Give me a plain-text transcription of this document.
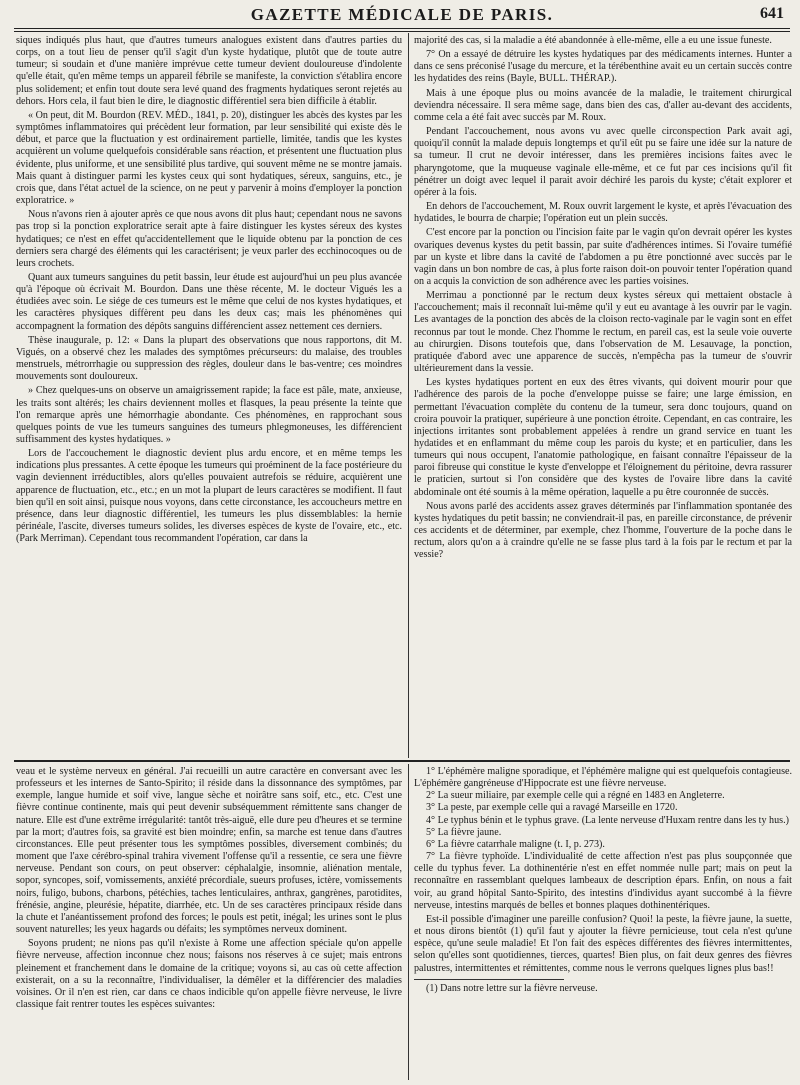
GAZETTE MÉDICALE DE PARIS.	641

siques indiqués plus haut, que d'autres tumeurs analogues existent dans d'autres parties du corps, on a tout lieu de penser qu'il s'agit d'un kyste hydatique, plutôt que de toute autre tumeur; si soudain et d'une manière imprévue cette tumeur devient douloureuse d'indolente qu'elle était, qu'en même temps un appareil fébrile se manifeste, la conviction s'établira encore plus solidement; et enfin tout doute sera levé quand des fragments hydatiques seront rejetés au dehors. Hors cela, il faut bien le dire, le diagnostic différentiel sera bien difficile à établir.

« On peut, dit M. Bourdon (REV. MÉD., 1841, p. 20), distinguer les abcès des kystes par les symptômes inflammatoires qui précèdent leur formation, par leur sensibilité qui existe dès le début, et parce que la fluctuation y est ordinairement partielle, limitée, tandis que les kystes acquièrent un volume quelquefois considérable sans réaction, et présentent une fluctuation plus évidente, plus uniforme, et une sensibilité plus tardive, qui souvent même ne se montre jamais. Mais quant à distinguer parmi les kystes ceux qui sont hydatiques, séreux, sanguins, etc., je crois que, dans l'état actuel de la science, on ne peut y parvenir à moins d'employer la ponction exploratrice. »

Nous n'avons rien à ajouter après ce que nous avons dit plus haut; cependant nous ne savons pas trop si la ponction exploratrice serait apte à faire distinguer les kystes séreux des kystes hydatiques; ce n'est en effet qu'accidentellement que le liquide obtenu par la ponction de ces derniers sera chargé des éléments qui les caractérisent; je veux parler des ecchinocoques ou de leurs crochets.

Quant aux tumeurs sanguines du petit bassin, leur étude est aujourd'hui un peu plus avancée qu'à l'époque où écrivait M. Bourdon. Dans une thèse récente, M. le docteur Vigués les a étudiées avec soin. Le siége de ces tumeurs est le même que celui de nos kystes hydatiques, et les caractères physiques diffèrent peu dans les deux cas; mais les phénomènes qui accompagnent la formation des dépôts sanguins différencient assez nettement ces derniers.

Thèse inaugurale, p. 12: « Dans la plupart des observations que nous rapportons, dit M. Vigués, on a observé chez les malades des symptômes précurseurs: du malaise, des troubles menstruels, métrorrhagie ou suppression des règles, douleur dans le bas-ventre; ces moindres mouvements sont douloureux.

» Chez quelques-uns on observe un amaigrissement rapide; la face est pâle, mate, anxieuse, les traits sont altérés; les chairs deviennent molles et flasques, la peau présente la teinte que l'on remarque après une hémorrhagie abondante. Ces phénomènes, en rapprochant sous quelques points de vue les tumeurs sanguines des tumeurs phlegmoneuses, les différencient suffisamment des kystes hydatiques. »

Lors de l'accouchement le diagnostic devient plus ardu encore, et en même temps les indications plus pressantes. A cette époque les tumeurs qui proéminent de la face postérieure du vagin deviennent irréductibles, alors qu'elles pouvaient autrefois se réduire, acquièrent une apparence de fluctuation, etc., etc.; en un mot la plupart de leurs caractères se modifient. Il faut bien qu'il en soit ainsi, puisque nous voyons, dans cette circonstance, les accoucheurs mettre en présence, dans leur diagnostic différentiel, les tumeurs les plus dissemblables: la hernie périnéale, l'ascite, diverses tumeurs solides, les diverses espèces de kyste de l'ovaire, etc., etc. (Park Merriman). Cependant tous recommandent l'opération, car dans la

majorité des cas, si la maladie a été abandonnée à elle-même, elle a eu une issue funeste.

7° On a essayé de détruire les kystes hydatiques par des médicaments internes. Hunter a dans ce sens préconisé l'usage du mercure, et la térébenthine avait eu un certain succès contre les hydatides des reins (Bayle, BULL. THÉRAP.).

Mais à une époque plus ou moins avancée de la maladie, le traitement chirurgical deviendra nécessaire. Il sera même sage, dans bien des cas, d'aller au-devant des accidents, comme cela a été fait avec succès par M. Roux.

Pendant l'accouchement, nous avons vu avec quelle circonspection Park avait agi, quoiqu'il connût la malade depuis longtemps et qu'il eût pu se faire une idée sur la nature de sa tumeur. Il crut ne devoir intéresser, dans les premières incisions faites avec le pharyngotome, que la muqueuse vaginale elle-même, et ce fut par ces incisions qu'il fit pénétrer un doigt avec lequel il parait avoir déchiré les parois du kyste; c'était explorer et opérer à la fois.

En dehors de l'accouchement, M. Roux ouvrit largement le kyste, et après l'évacuation des hydatides, le bourra de charpie; l'opération eut un plein succès.

C'est encore par la ponction ou l'incision faite par le vagin qu'on devrait opérer les kystes ovariques devenus kystes du petit bassin, par suite d'adhérences intimes. Si l'ovaire tuméfié par un kyste et libre dans la cavité de l'abdomen a pu être ponctionné avec succès par le vagin dans un bon nombre de cas, à plus forte raison doit-on pouvoir tenter l'opération quand on a acquis la conviction de son adhérence avec les parties voisines.

Merrimau a ponctionné par le rectum deux kystes séreux qui mettaient obstacle à l'accouchement; mais il reconnaît lui-même qu'il y eut eu avantage à les ouvrir par le vagin. Les avantages de la ponction des abcès de la cloison recto-vaginale par le vagin sont en effet reconnus par tout le monde. Chez l'homme le rectum, en pareil cas, est la seule voie ouverte au chirurgien. Disons toutefois que, dans l'observation de M. Lesauvage, la ponction, pratiquée d'abord avec une apparence de succès, n'empêcha pas la tumeur de s'ouvrir ultérieurement dans la vessie.

Les kystes hydatiques portent en eux des êtres vivants, qui doivent mourir pour que l'adhérence des parois de la poche d'enveloppe puisse se faire; une large émission, en permettant l'évacuation complète du contenu de la tumeur, sera donc toujours, quand on croira pouvoir la pratiquer, supérieure à une ponction étroite. Cependant, en cas contraire, les injections irritantes sont probablement appelées à rendre un grand service en tuant les hydatides et en enflammant du même coup les parois du kyste; et en particulier, dans les tumeurs qui nous occupent, l'anatomie pathologique, en faisant connaître l'épaisseur de la paroi fibreuse qui constitue le kyste d'enveloppe et l'éloignement du péritoine, devra rassurer le praticien, surtout si l'on considère que des kystes de l'ovaire libre dans la cavité abdominale ont été soumis à la même opération, laquelle a pu être couronnée de succès.

Nous avons parlé des accidents assez graves déterminés par l'inflammation spontanée des kystes hydatiques du petit bassin; ne conviendrait-il pas, en pareille circonstance, de prévenir ces accidents et de déterminer, par exemple, chez l'homme, l'ouverture de la poche dans le rectum, alors qu'on a à craindre qu'elle ne se fasse plus tard à la fois par le rectum et par la vessie?

veau et le système nerveux en général. J'ai recueilli un autre caractère en conversant avec les professeurs et les internes de Santo-Spirito; il réside dans la dissonnance des symptômes, par exemple, langue humide et soif vive, langue sèche et noirâtre sans soif, etc., etc. C'est une fièvre continue continente, mais qui peut devenir subséquemment rémittente sans changer de nature. Elle est d'une extrême irrégularité: tantôt très-aiguë, elle dure peu d'heures et se termine par la mort; d'autres fois, sa gravité est bien moindre; enfin, sa marche est tenue dans d'autres circonstances. Elle peut présenter tous les symptômes possibles, diversement combinés; du moment que l'axe cérébro-spinal trahira vivement l'offense qu'il a ressentie, ce sera une fièvre nerveuse. Pendant son cours, on peut observer: céphalalgie, insomnie, aliénation mentale, sopor, syncopes, soif, vomissements, anxiété précordiale, sueurs profuses, ictère, vomissements noirs, fuligo, bubons, charbons, pétéchies, taches lenticulaires, anthrax, gangrènes, parotidites, frénésie, angine, pleurésie, hépatite, diarrhée, etc. Un de ses caractères principaux réside dans la chute et l'anéantissement profond des forces; le pouls est petit, inégal; les urines sont le plus souvent naturelles; les yeux hagards ou défaits; les symptômes nerveux dominent.

Soyons prudent; ne nions pas qu'il n'existe à Rome une affection spéciale qu'on appelle fièvre nerveuse, affection inconnue chez nous; faisons nos réserves à ce sujet; mais entrons pleinement et franchement dans le domaine de la critique; voyons si, au cas où cette affection existerait, on a su la reconnaître, l'individualiser, la démêler et la différencier des maladies voisines. Or il n'en est rien, car dans ce chaos indicible qu'on appelle fièvre nerveuse, le livre classique fait rentrer toutes les espèces suivantes:

1° L'éphémère maligne sporadique, et l'éphémère maligne qui est quelquefois contagieuse. L'éphémère gangréneuse d'Hippocrate est une fièvre nerveuse.
2° La sueur miliaire, par exemple celle qui a régné en 1483 en Angleterre.
3° La peste, par exemple celle qui a ravagé Marseille en 1720.
4° Le typhus bénin et le typhus grave. (La lente nerveuse d'Huxam rentre dans les ty hus.)
5° La fièvre jaune.
6° La fièvre catarrhale maligne (t. I, p. 273).
7° La fièvre typhoïde. L'individualité de cette affection n'est pas plus soupçonnée que celle du typhus fever. La dothinentérie n'est en effet nommée nulle part; mais on peut la reconnaître en rassemblant quelques lambeaux de description épars. Enfin, on nous a fait voir, au grand hôpital Santo-Spirito, des intestins d'individus ayant succombé à la fièvre nerveuse, intestins marqués de belles et bonnes plaques dothinentériques.

Est-il possible d'imaginer une pareille confusion? Quoi! la peste, la fièvre jaune, la suette, et nous dirons bientôt (1) qu'il faut y ajouter la fièvre pernicieuse, tout cela n'est qu'une espèce, qu'une seule maladie! Et l'on fait des espèces différentes des fièvres intermittentes, selon qu'elles sont quotidiennes, tierces, quartes! Bien plus, on fait deux genres des fièvres palustres, intermittentes et rémittentes, comme nous le verrons quelques lignes plus bas!!

(1) Dans notre lettre sur la fièvre nerveuse.
